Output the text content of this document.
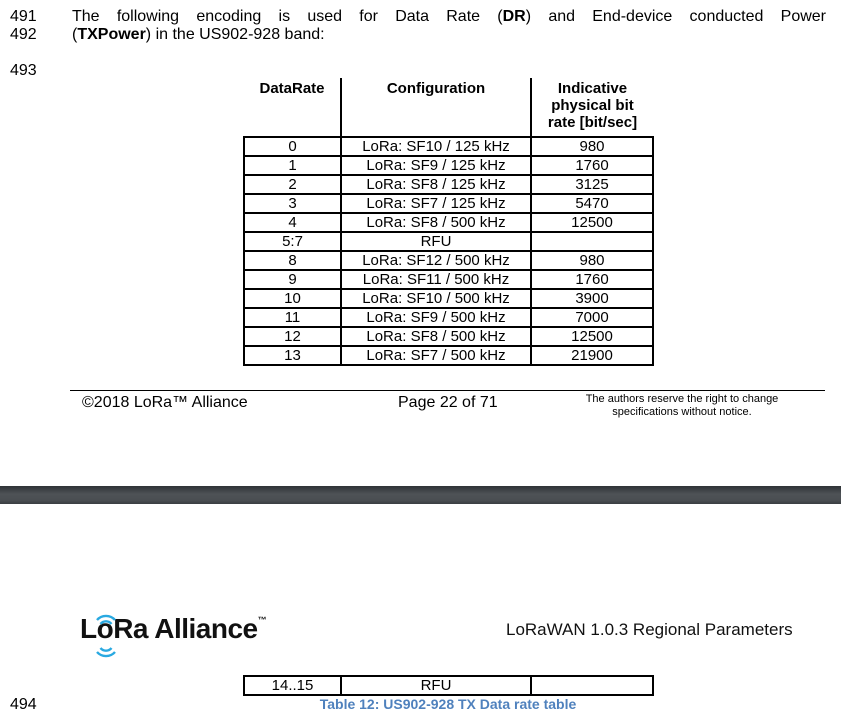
491
492
493
The following encoding is used for Data Rate (DR) and End-device conducted Power
(TXPower) in the US902-928 band:
DataRate	Configuration	Indicative
physical bit
rate [bit/sec]

0	LoRa: SF10 / 125 kHz	980
1	LoRa: SF9 / 125 kHz	1760
2	LoRa: SF8 / 125 kHz	3125
3	LoRa: SF7 / 125 kHz	5470
4	LoRa: SF8 / 500 kHz	12500
5:7	RFU	
8	LoRa: SF12 / 500 kHz	980
9	LoRa: SF11 / 500 kHz	1760
10	LoRa: SF10 / 500 kHz	3900
11	LoRa: SF9 / 500 kHz	7000
12	LoRa: SF8 / 500 kHz	12500
13	LoRa: SF7 / 500 kHz	21900
©2018 LoRa™ Alliance	Page 22 of 71	The authors reserve the right to change
specifications without notice.
LoRa Alliance™	LoRaWAN 1.0.3 Regional Parameters
14..15	RFU	
494	Table 12: US902-928 TX Data rate table
